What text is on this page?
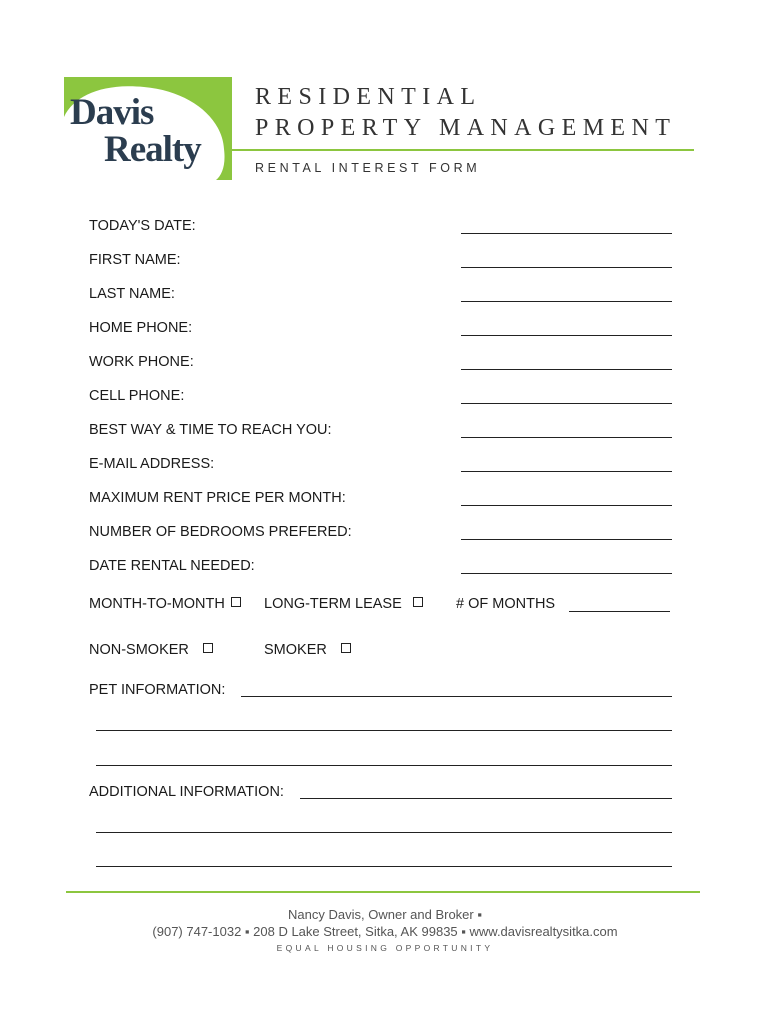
Davis
Realty
RESIDENTIAL
PROPERTY MANAGEMENT
RENTAL INTEREST FORM
TODAY'S DATE:
FIRST NAME:
LAST NAME:
HOME PHONE:
WORK PHONE:
CELL PHONE:
BEST WAY & TIME TO REACH YOU:
E-MAIL ADDRESS:
MAXIMUM RENT PRICE PER MONTH:
NUMBER OF BEDROOMS PREFERED:
DATE RENTAL NEEDED:
MONTH-TO-MONTH	LONG-TERM LEASE	# OF MONTHS
NON-SMOKER	SMOKER
PET INFORMATION:
ADDITIONAL INFORMATION:
Nancy Davis, Owner and Broker ▪
(907) 747-1032 ▪ 208 D Lake Street, Sitka, AK 99835 ▪ www.davisrealtysitka.com
EQUAL HOUSING OPPORTUNITY
